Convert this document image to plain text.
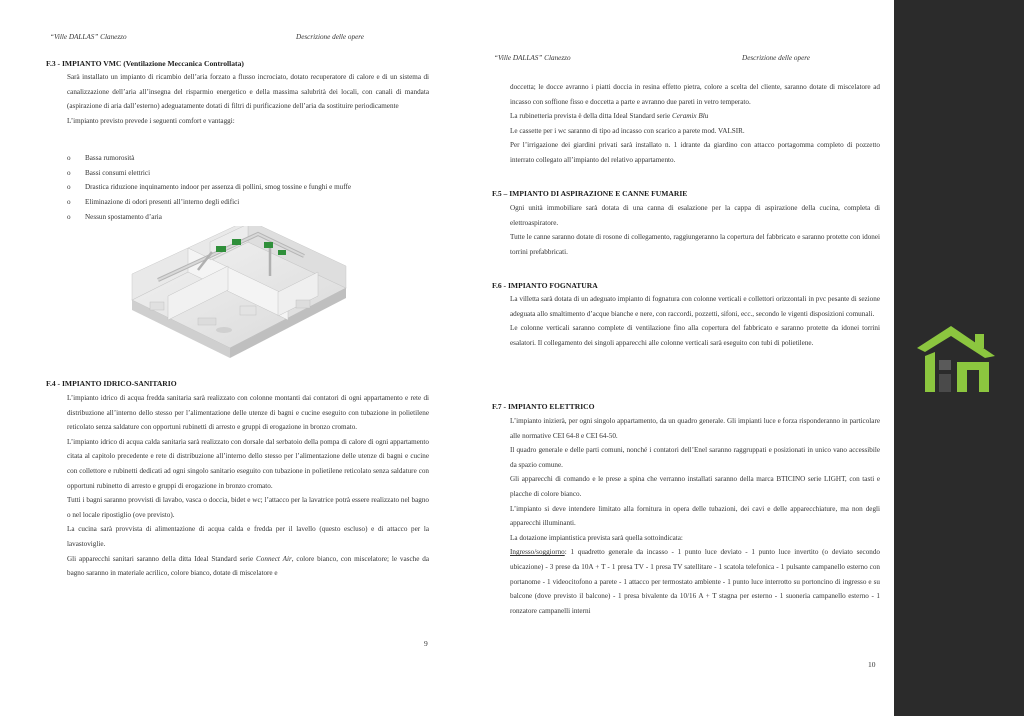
“Ville DALLAS” Clanezzo	Descrizione delle opere
F.3 - IMPIANTO VMC (Ventilazione Meccanica Controllata)

Sarà installato un impianto di ricambio dell’aria forzato a flusso incrociato, dotato recuperatore di calore e di un sistema di canalizzazione dell’aria all’insegna del risparmio energetico e della massima salubrità dei locali, con canali di mandata (aspirazione di aria dall’esterno) adeguatamente dotati di filtri di purificazione dell’aria da sostituire periodicamente

L’impianto previsto prevede i seguenti comfort e vantaggi:

o Bassa rumorosità
o Bassi consumi elettrici
o Drastica riduzione inquinamento indoor per assenza di pollini, smog tossine e funghi e muffe
o Eliminazione di odori presenti all’interno degli edifici
o Nessun spostamento d’aria
F.4 - IMPIANTO IDRICO-SANITARIO

L’impianto idrico di acqua fredda sanitaria sarà realizzato con colonne montanti dai contatori di ogni appartamento e rete di distribuzione all’interno dello stesso per l’alimentazione delle utenze di bagni e cucine eseguito con tubazione in polietilene reticolato senza saldature con opportuni rubinetti di arresto e gruppi di erogazione in bronzo cromato.

L’impianto idrico di acqua calda sanitaria sarà realizzato con dorsale dal serbatoio della pompa di calore di ogni appartamento citata al capitolo precedente e rete di distribuzione all’interno dello stesso per l’alimentazione delle utenze di bagni e cucine con collettore e rubinetti dedicati ad ogni singolo sanitario eseguito con tubazione in polietilene reticolato senza saldature con opportuni rubinetto di arresto e gruppi di erogazione in bronzo cromato.

Tutti i bagni saranno provvisti di lavabo, vasca o doccia, bidet e wc; l’attacco per la lavatrice potrà essere realizzato nel bagno o nel locale ripostiglio (ove previsto).

La cucina sarà provvista di alimentazione di acqua calda e fredda per il lavello (questo escluso) e di attacco per la lavastoviglie.

Gli apparecchi sanitari saranno della ditta Ideal Standard serie Connect Air, colore bianco, con miscelatore; le vasche da bagno saranno in materiale acrilico, colore bianco, dotate di miscelatore e

9
“Ville DALLAS” Clanezzo	Descrizione delle opere

doccetta; le docce avranno i piatti doccia in resina effetto pietra, colore a scelta del cliente, saranno dotate di miscelatore ad incasso con soffione fisso e doccetta a parte e avranno due pareti in vetro temperato.

La rubinetteria prevista è della ditta Ideal Standard serie Ceramix Blu

Le cassette per i wc saranno di tipo ad incasso con scarico a parete mod. VALSIR.

Per l’irrigazione dei giardini privati sarà installato n. 1 idrante da giardino con attacco portagomma completo di pozzetto interrato collegato all’impianto del relativo appartamento.

F.5 – IMPIANTO DI ASPIRAZIONE E CANNE FUMARIE

Ogni unità immobiliare sarà dotata di una canna di esalazione per la cappa di aspirazione della cucina, completa di elettroaspiratore.

Tutte le canne saranno dotate di rosone di collegamento, raggiungeranno la copertura del fabbricato e saranno protette con idonei torrini prefabbricati.

F.6 - IMPIANTO FOGNATURA

La villetta sarà dotata di un adeguato impianto di fognatura con colonne verticali e collettori orizzontali in pvc pesante di sezione adeguata allo smaltimento d’acque bianche e nere, con raccordi, pozzetti, sifoni, ecc., secondo le vigenti disposizioni comunali.

Le colonne verticali saranno complete di ventilazione fino alla copertura del fabbricato e saranno protette da idonei torrini esalatori. Il collegamento dei singoli apparecchi alle colonne verticali sarà eseguito con tubi di polietilene.

F.7 - IMPIANTO ELETTRICO

L’impianto inizierà, per ogni singolo appartamento, da un quadro generale. Gli impianti luce e forza risponderanno in particolare alle normative CEI 64-8 e CEI 64-50.

Il quadro generale e delle parti comuni, nonché i contatori dell’Enel saranno raggruppati e posizionati in unico vano accessibile da spazio comune.

Gli apparecchi di comando e le prese a spina che verranno installati saranno della marca BTICINO serie LIGHT, con tasti e placche di colore bianco.

L’impianto si deve intendere limitato alla fornitura in opera delle tubazioni, dei cavi e delle apparecchiature, ma non degli apparecchi illuminanti.

La dotazione impiantistica prevista sarà quella sottoindicata:

Ingresso/soggiorno: 1 quadretto generale da incasso - 1 punto luce deviato - 1 punto luce invertito (o deviato secondo ubicazione) - 3 prese da 10A + T - 1 presa TV - 1 presa TV satellitare - 1 scatola telefonica - 1 pulsante campanello esterno con portanome - 1 videocitofono a parete - 1 attacco per termostato ambiente - 1 punto luce interrotto su portoncino di ingresso e su balcone (dove previsto il balcone) - 1 presa bivalente da 10/16 A + T stagna per esterno - 1 suoneria campanello esterno - 1 ronzatore campanelli interni

10
